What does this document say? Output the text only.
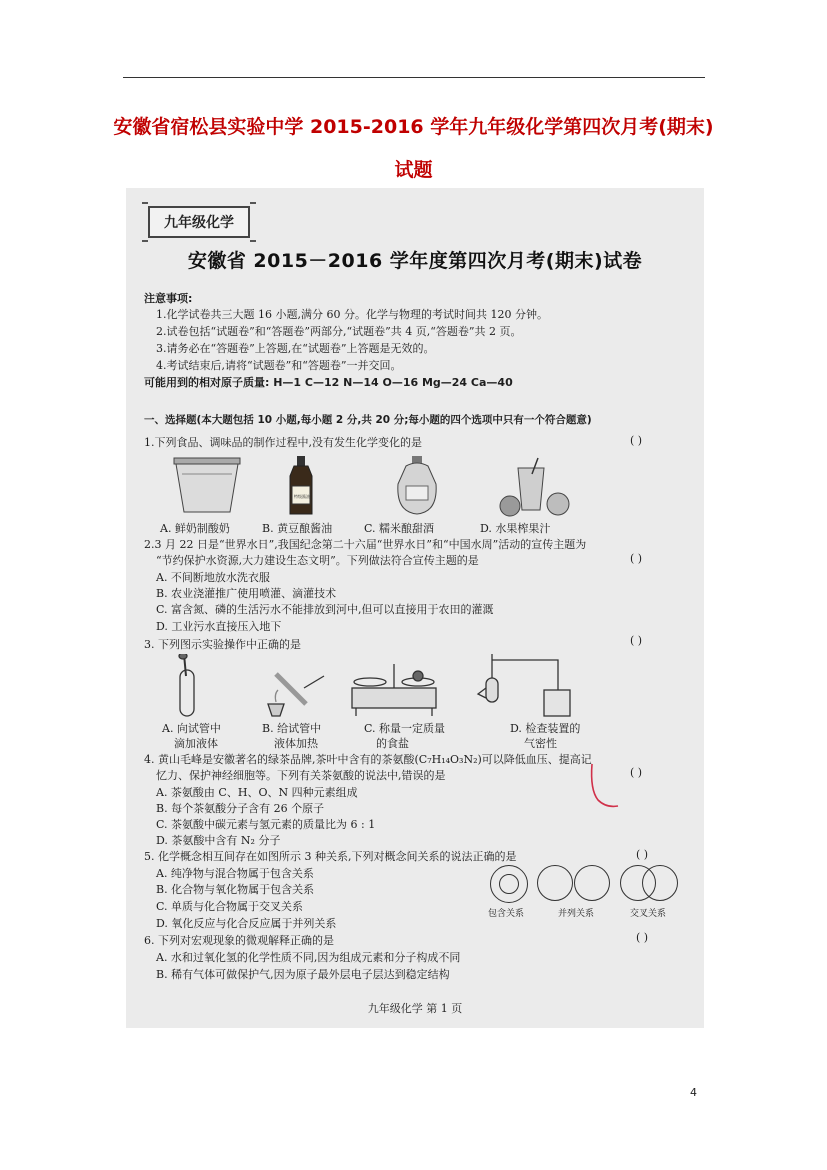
安徽省宿松县实验中学 2015-2016 学年九年级化学第四次月考(期末)
试题
九年级化学
安徽省 2015－2016 学年度第四次月考(期末)试卷
注意事项:
1.化学试卷共三大题 16 小题,满分 60 分。化学与物理的考试时间共 120 分钟。
2.试卷包括“试题卷”和“答题卷”两部分,“试题卷”共 4 页,“答题卷”共 2 页。
3.请务必在“答题卷”上答题,在“试题卷”上答题是无效的。
4.考试结束后,请将“试题卷”和“答题卷”一并交回。
可能用到的相对原子质量: H—1 C—12 N—14 O—16 Mg—24 Ca—40
一、选择题(本大题包括 10 小题,每小题 2 分,共 20 分;每小题的四个选项中只有一个符合题意)
1.下列食品、调味品的制作过程中,没有发生化学变化的是	( )
特级酱油
A. 鲜奶制酸奶	B. 黄豆酿酱油	C. 糯米酿甜酒	D. 水果榨果汁
2.3 月 22 日是“世界水日”,我国纪念第二十六届“世界水日”和“中国水周”活动的宣传主题为
“节约保护水资源,大力建设生态文明”。下列做法符合宣传主题的是	( )
A. 不间断地放水洗衣服
B. 农业浇灌推广使用喷灌、滴灌技术
C. 富含氮、磷的生活污水不能排放到河中,但可以直接用于农田的灌溉
D. 工业污水直接压入地下
3. 下列图示实验操作中正确的是	( )
A. 向试管中	B. 给试管中	C. 称量一定质量	D. 检查装置的
滴加液体	液体加热	的食盐	气密性
4. 黄山毛峰是安徽著名的绿茶品牌,茶叶中含有的茶氨酸(C₇H₁₄O₃N₂)可以降低血压、提高记
忆力、保护神经细胞等。下列有关茶氨酸的说法中,错误的是	( )
A. 茶氨酸由 C、H、O、N 四种元素组成
B. 每个茶氨酸分子含有 26 个原子
C. 茶氨酸中碳元素与氢元素的质量比为 6 : 1
D. 茶氨酸中含有 N₂ 分子
5. 化学概念相互间存在如图所示 3 种关系,下列对概念间关系的说法正确的是	( )
A. 纯净物与混合物属于包含关系
B. 化合物与氧化物属于包含关系
C. 单质与化合物属于交叉关系
D. 氧化反应与化合反应属于并列关系
包含关系	并列关系	交叉关系
6. 下列对宏观现象的微观解释正确的是	( )
A. 水和过氧化氢的化学性质不同,因为组成元素和分子构成不同
B. 稀有气体可做保护气,因为原子最外层电子层达到稳定结构
九年级化学 第 1 页
4
